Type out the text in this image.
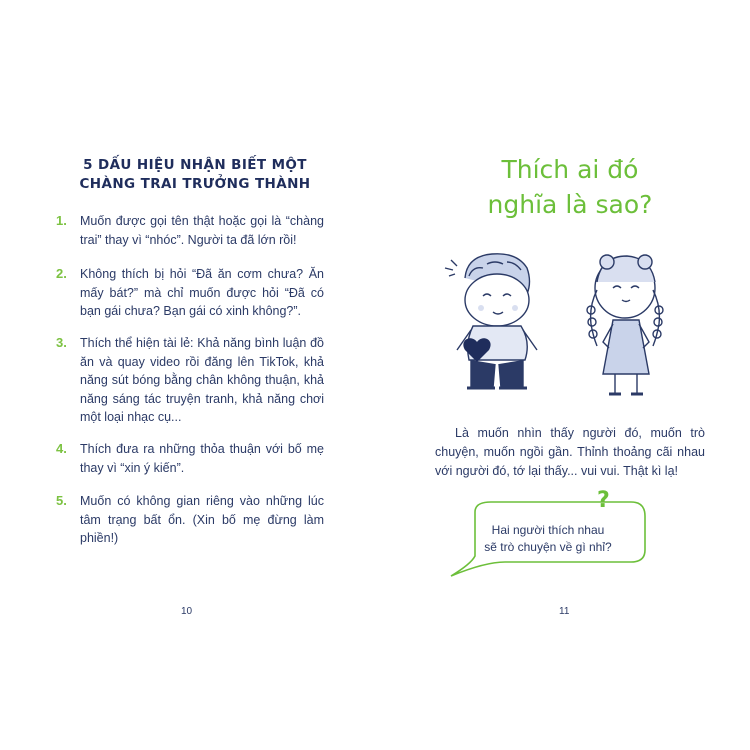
5 DẤU HIỆU NHẬN BIẾT MỘT
CHÀNG TRAI TRƯỞNG THÀNH
1. Muốn được gọi tên thật hoặc gọi là “chàng trai” thay vì “nhóc”. Người ta đã lớn rồi!
2. Không thích bị hỏi “Đã ăn cơm chưa? Ăn mấy bát?” mà chỉ muốn được hỏi “Đã có bạn gái chưa? Bạn gái có xinh không?”.
3. Thích thể hiện tài lẻ: Khả năng bình luận đồ ăn và quay video rồi đăng lên TikTok, khả năng sút bóng bằng chân không thuận, khả năng sáng tác truyện tranh, khả năng chơi một loại nhạc cụ...
4. Thích đưa ra những thỏa thuận với bố mẹ thay vì “xin ý kiến”.
5. Muốn có không gian riêng vào những lúc tâm trạng bất ổn. (Xin bố mẹ đừng làm phiền!)
10
Thích ai đó
nghĩa là sao?
Là muốn nhìn thấy người đó, muốn trò chuyện, muốn ngồi gần. Thỉnh thoảng cãi nhau với người đó, tớ lại thấy... vui vui. Thật kì lạ!
?
Hai người thích nhau
sẽ trò chuyện về gì nhỉ?
11
